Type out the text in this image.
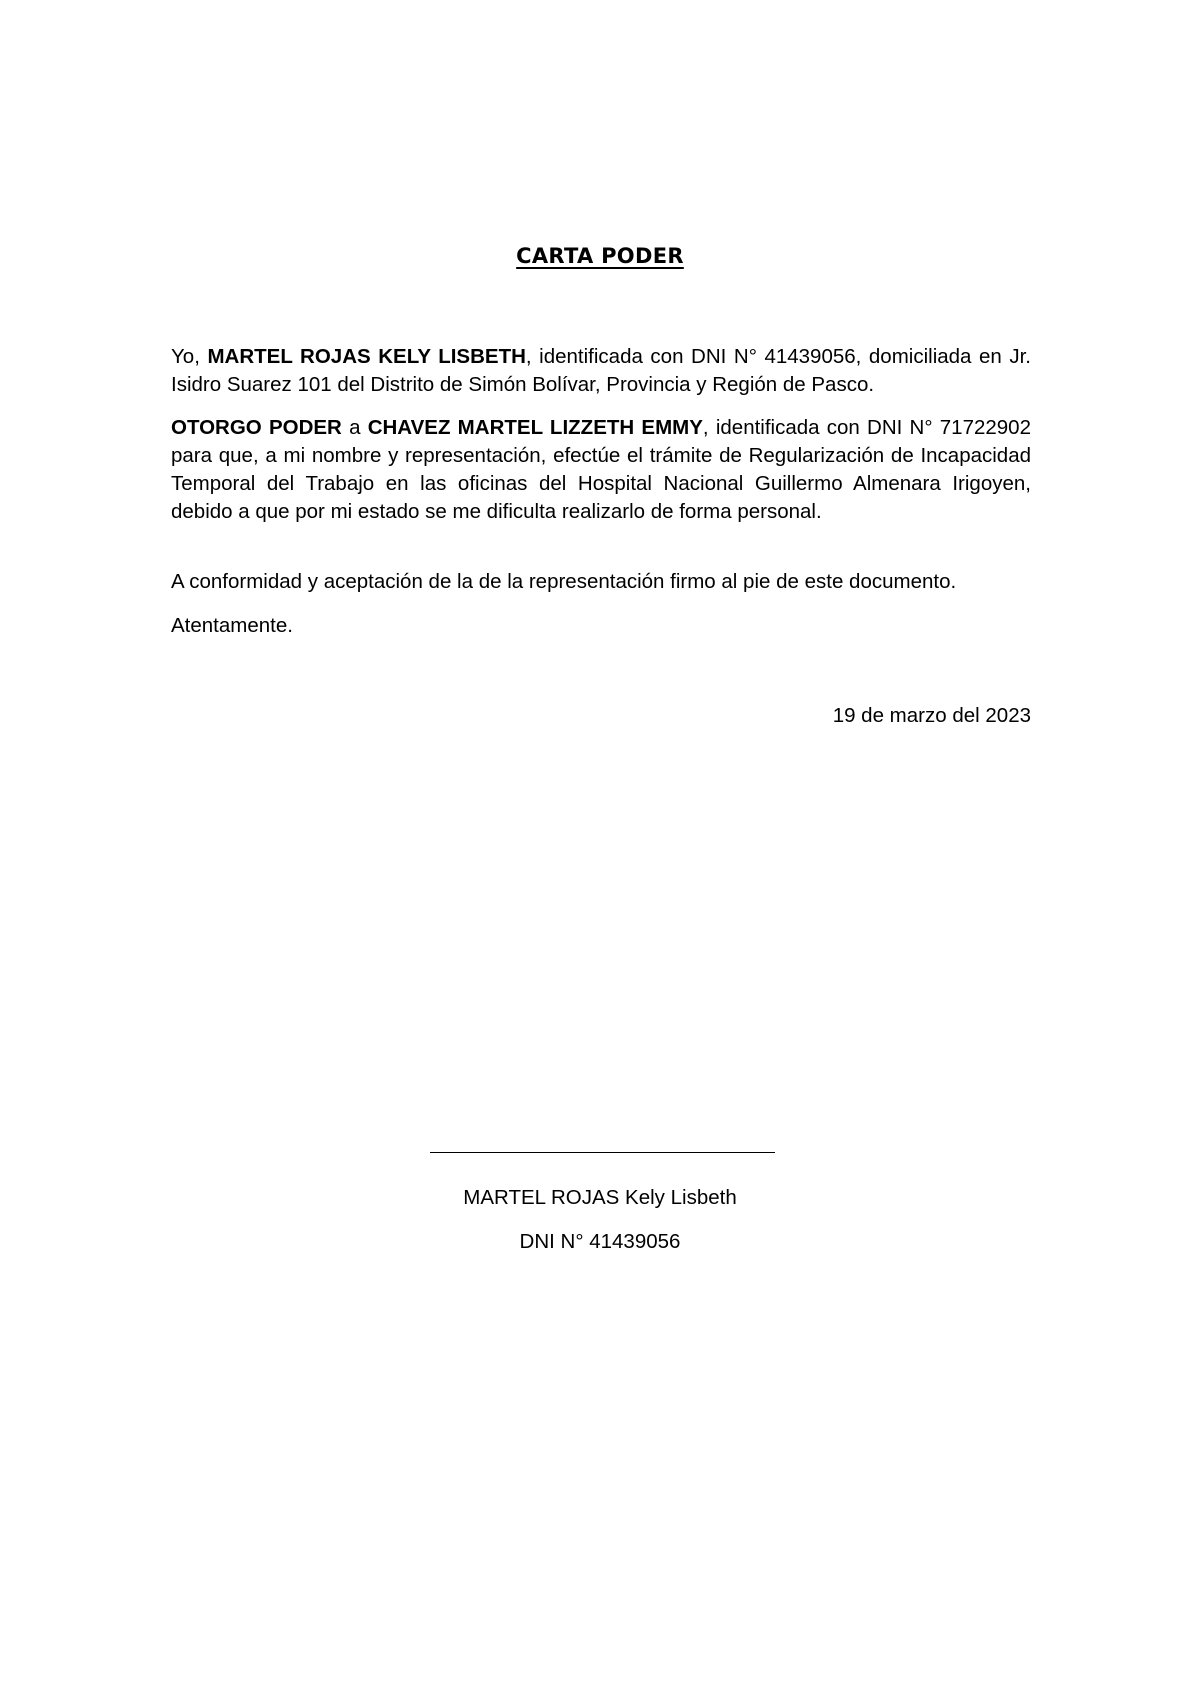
CARTA PODER
Yo, MARTEL ROJAS KELY LISBETH, identificada con DNI N° 41439056, domiciliada en Jr. Isidro Suarez 101 del Distrito de Simón Bolívar, Provincia y Región de Pasco.
OTORGO PODER a CHAVEZ MARTEL LIZZETH EMMY, identificada con DNI N° 71722902 para que, a mi nombre y representación, efectúe el trámite de Regularización de Incapacidad Temporal del Trabajo en las oficinas del Hospital Nacional Guillermo Almenara Irigoyen, debido a que por mi estado se me dificulta realizarlo de forma personal.
A conformidad y aceptación de la de la representación firmo al pie de este documento.
Atentamente.
19 de marzo del 2023
MARTEL ROJAS Kely Lisbeth
DNI N° 41439056
